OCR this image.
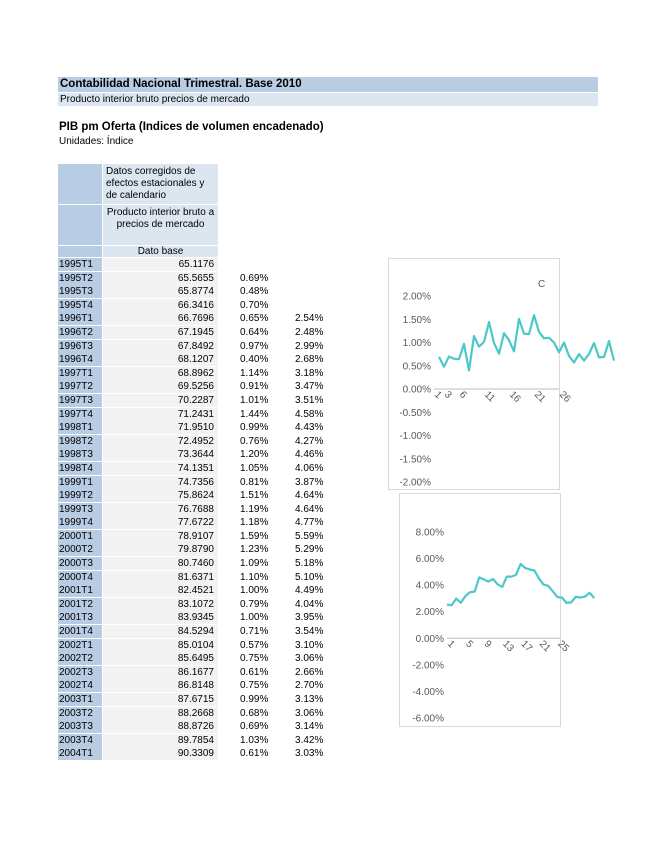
Contabilidad Nacional Trimestral. Base 2010
Producto interior bruto precios de mercado
PIB pm Oferta (Indices de volumen encadenado)
Unidades: Índice
Datos corregidos de efectos estacionales y de calendario
Producto interior bruto a precios de mercado
Dato base
1995T1	65.1176
1995T2	65.5655	0.69%
1995T3	65.8774	0.48%
1995T4	66.3416	0.70%
1996T1	66.7696	0.65%	2.54%
1996T2	67.1945	0.64%	2.48%
1996T3	67.8492	0.97%	2.99%
1996T4	68.1207	0.40%	2.68%
1997T1	68.8962	1.14%	3.18%
1997T2	69.5256	0.91%	3.47%
1997T3	70.2287	1.01%	3.51%
1997T4	71.2431	1.44%	4.58%
1998T1	71.9510	0.99%	4.43%
1998T2	72.4952	0.76%	4.27%
1998T3	73.3644	1.20%	4.46%
1998T4	74.1351	1.05%	4.06%
1999T1	74.7356	0.81%	3.87%
1999T2	75.8624	1.51%	4.64%
1999T3	76.7688	1.19%	4.64%
1999T4	77.6722	1.18%	4.77%
2000T1	78.9107	1.59%	5.59%
2000T2	79.8790	1.23%	5.29%
2000T3	80.7460	1.09%	5.18%
2000T4	81.6371	1.10%	5.10%
2001T1	82.4521	1.00%	4.49%
2001T2	83.1072	0.79%	4.04%
2001T3	83.9345	1.00%	3.95%
2001T4	84.5294	0.71%	3.54%
2002T1	85.0104	0.57%	3.10%
2002T2	85.6495	0.75%	3.06%
2002T3	86.1677	0.61%	2.66%
2002T4	86.8148	0.75%	2.70%
2003T1	87.6715	0.99%	3.13%
2003T2	88.2668	0.68%	3.06%
2003T3	88.8726	0.69%	3.14%
2003T4	89.7854	1.03%	3.42%
2004T1	90.3309	0.61%	3.03%
2.00%
1.50%
1.00%
0.50%
0.00%
-0.50%
-1.00%
-1.50%
-2.00%
1 6 11 16 21 26
3
C
8.00%
6.00%
4.00%
2.00%
0.00%
-2.00%
-4.00%
-6.00%
1 5 9 13 17 21 25
